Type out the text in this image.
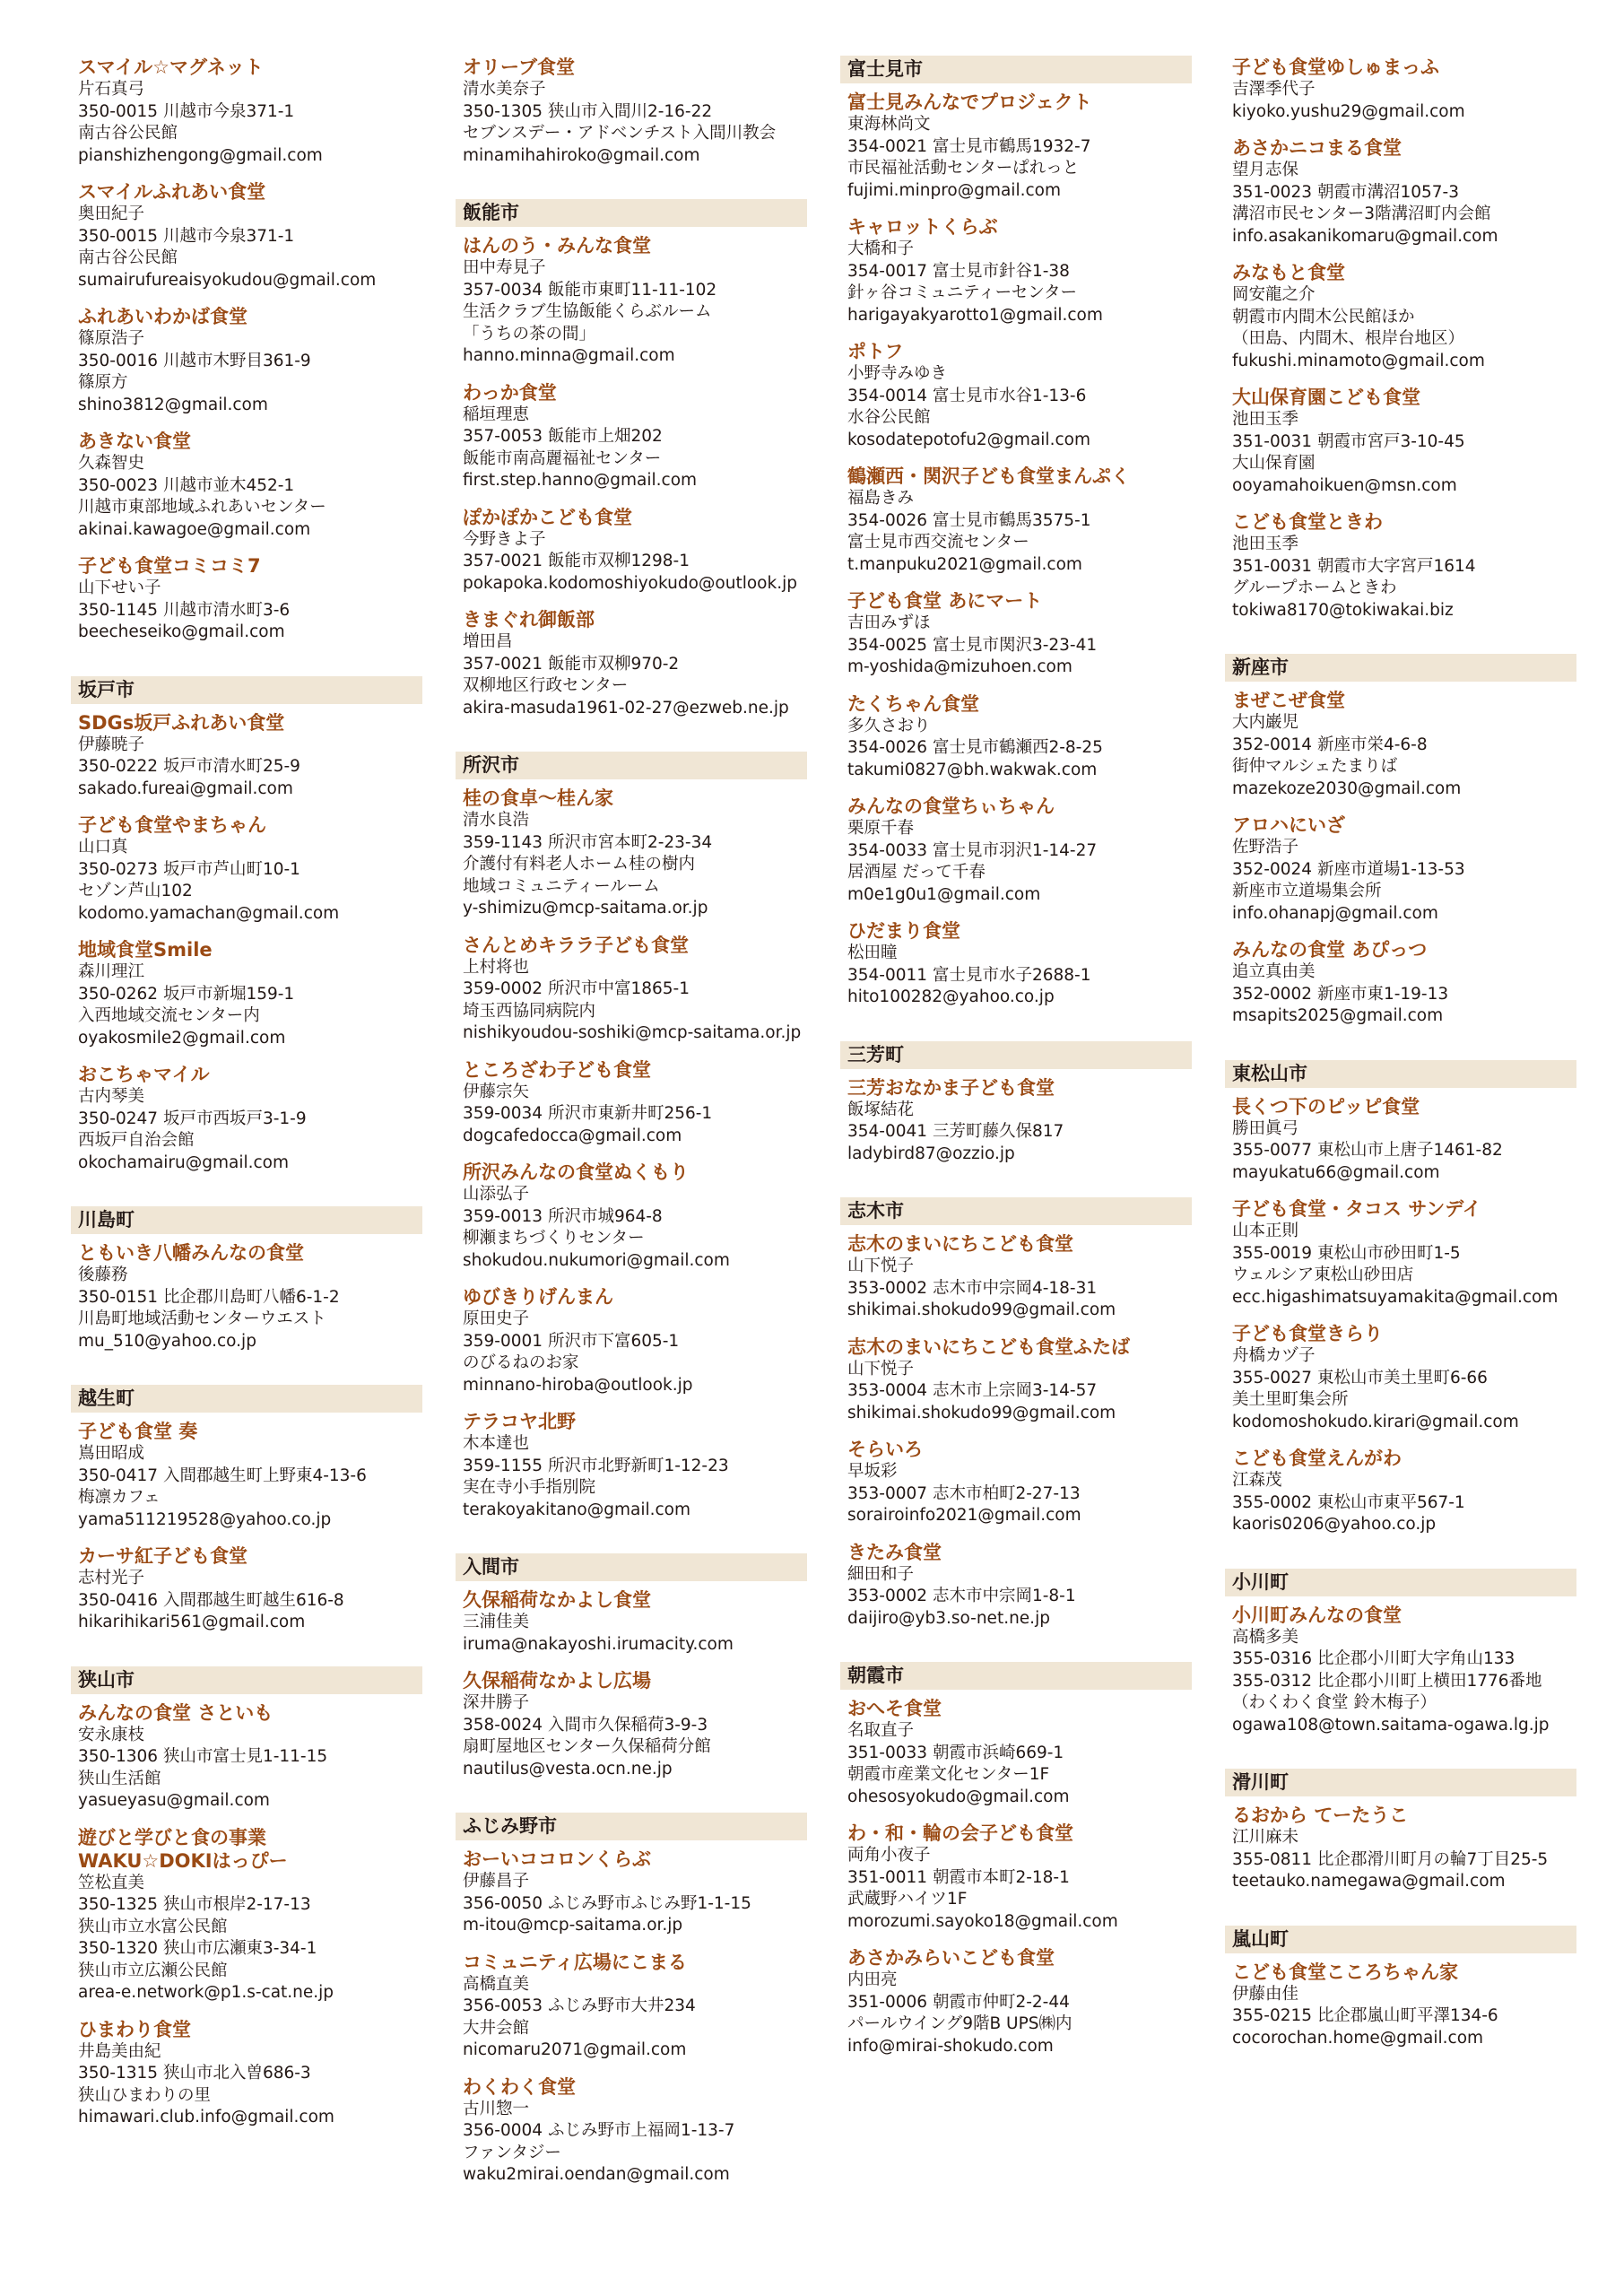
スマイル☆マグネット
片石真弓
350-0015 川越市今泉371-1
南古谷公民館
pianshizhengong@gmail.com
スマイルふれあい食堂
奥田紀子
350-0015 川越市今泉371-1
南古谷公民館
sumairufureaisyokudou@gmail.com
ふれあいわかば食堂
篠原浩子
350-0016 川越市木野目361-9
篠原方
shino3812@gmail.com
あきない食堂
久森智史
350-0023 川越市並木452-1
川越市東部地域ふれあいセンター
akinai.kawagoe@gmail.com
子ども食堂コミコミ7
山下せい子
350-1145 川越市清水町3-6
beecheseiko@gmail.com
坂戸市
SDGs坂戸ふれあい食堂
伊藤暁子
350-0222 坂戸市清水町25-9
sakado.fureai@gmail.com
子ども食堂やまちゃん
山口真
350-0273 坂戸市芦山町10-1
セゾン芦山102
kodomo.yamachan@gmail.com
地域食堂Smile
森川理江
350-0262 坂戸市新堀159-1
入西地域交流センター内
oyakosmile2@gmail.com
おこちゃマイル
古内琴美
350-0247 坂戸市西坂戸3-1-9
西坂戸自治会館
okochamairu@gmail.com
川島町
ともいき八幡みんなの食堂
後藤務
350-0151 比企郡川島町八幡6-1-2
川島町地域活動センターウエスト
mu_510@yahoo.co.jp
越生町
子ども食堂 奏
嶌田昭成
350-0417 入間郡越生町上野東4-13-6
梅凛カフェ
yama511219528@yahoo.co.jp
カーサ紅子ども食堂
志村光子
350-0416 入間郡越生町越生616-8
hikarihikari561@gmail.com
狭山市
みんなの食堂 さといも
安永康枝
350-1306 狭山市富士見1-11-15
狭山生活館
yasueyasu@gmail.com
遊びと学びと食の事業
WAKU☆DOKIはっぴー
笠松直美
350-1325 狭山市根岸2-17-13
狭山市立水富公民館
350-1320 狭山市広瀬東3-34-1
狭山市立広瀬公民館
area-e.network@p1.s-cat.ne.jp
ひまわり食堂
井島美由紀
350-1315 狭山市北入曽686-3
狭山ひまわりの里
himawari.club.info@gmail.com
オリーブ食堂
清水美奈子
350-1305 狭山市入間川2-16-22
セブンスデー・アドベンチスト入間川教会
minamihahiroko@gmail.com
飯能市
はんのう・みんな食堂
田中寿見子
357-0034 飯能市東町11-11-102
生活クラブ生協飯能くらぶルーム
「うちの茶の間」
hanno.minna@gmail.com
わっか食堂
稲垣理恵
357-0053 飯能市上畑202
飯能市南高麗福祉センター
first.step.hanno@gmail.com
ぽかぽかこども食堂
今野きよ子
357-0021 飯能市双柳1298-1
pokapoka.kodomoshiyokudo@outlook.jp
きまぐれ御飯部
増田昌
357-0021 飯能市双柳970-2
双柳地区行政センター
akira-masuda1961-02-27@ezweb.ne.jp
所沢市
桂の食卓～桂ん家
清水良浩
359-1143 所沢市宮本町2-23-34
介護付有料老人ホーム桂の樹内
地域コミュニティールーム
y-shimizu@mcp-saitama.or.jp
さんとめキララ子ども食堂
上村将也
359-0002 所沢市中富1865-1
埼玉西協同病院内
nishikyoudou-soshiki@mcp-saitama.or.jp
ところざわ子ども食堂
伊藤宗矢
359-0034 所沢市東新井町256-1
dogcafedocca@gmail.com
所沢みんなの食堂ぬくもり
山添弘子
359-0013 所沢市城964-8
柳瀬まちづくりセンター
shokudou.nukumori@gmail.com
ゆびきりげんまん
原田史子
359-0001 所沢市下富605-1
のびるねのお家
minnano-hiroba@outlook.jp
テラコヤ北野
木本達也
359-1155 所沢市北野新町1-12-23
実在寺小手指別院
terakoyakitano@gmail.com
入間市
久保稲荷なかよし食堂
三浦佳美
iruma@nakayoshi.irumacity.com
久保稲荷なかよし広場
深井勝子
358-0024 入間市久保稲荷3-9-3
扇町屋地区センター久保稲荷分館
nautilus@vesta.ocn.ne.jp
ふじみ野市
おーいココロンくらぶ
伊藤昌子
356-0050 ふじみ野市ふじみ野1-1-15
m-itou@mcp-saitama.or.jp
コミュニティ広場にこまる
高橋直美
356-0053 ふじみ野市大井234
大井会館
nicomaru2071@gmail.com
わくわく食堂
古川惣一
356-0004 ふじみ野市上福岡1-13-7
ファンタジー
waku2mirai.oendan@gmail.com
富士見市
富士見みんなでプロジェクト
東海林尚文
354-0021 富士見市鶴馬1932-7
市民福祉活動センターぱれっと
fujimi.minpro@gmail.com
キャロットくらぶ
大橋和子
354-0017 富士見市針谷1-38
針ヶ谷コミュニティーセンター
harigayakyarotto1@gmail.com
ポトフ
小野寺みゆき
354-0014 富士見市水谷1-13-6
水谷公民館
kosodatepotofu2@gmail.com
鶴瀬西・関沢子ども食堂まんぷく
福島きみ
354-0026 富士見市鶴馬3575-1
富士見市西交流センター
t.manpuku2021@gmail.com
子ども食堂 あにマート
吉田みずほ
354-0025 富士見市関沢3-23-41
m-yoshida@mizuhoen.com
たくちゃん食堂
多久さおり
354-0026 富士見市鶴瀬西2-8-25
takumi0827@bh.wakwak.com
みんなの食堂ちぃちゃん
栗原千春
354-0033 富士見市羽沢1-14-27
居酒屋 だって千春
m0e1g0u1@gmail.com
ひだまり食堂
松田瞳
354-0011 富士見市水子2688-1
hito100282@yahoo.co.jp
三芳町
三芳おなかま子ども食堂
飯塚結花
354-0041 三芳町藤久保817
ladybird87@ozzio.jp
志木市
志木のまいにちこども食堂
山下悦子
353-0002 志木市中宗岡4-18-31
shikimai.shokudo99@gmail.com
志木のまいにちこども食堂ふたば
山下悦子
353-0004 志木市上宗岡3-14-57
shikimai.shokudo99@gmail.com
そらいろ
早坂彩
353-0007 志木市柏町2-27-13
sorairoinfo2021@gmail.com
きたみ食堂
細田和子
353-0002 志木市中宗岡1-8-1
daijiro@yb3.so-net.ne.jp
朝霞市
おへそ食堂
名取直子
351-0033 朝霞市浜崎669-1
朝霞市産業文化センター1F
ohesosyokudo@gmail.com
わ・和・輪の会子ども食堂
両角小夜子
351-0011 朝霞市本町2-18-1
武蔵野ハイツ1F
morozumi.sayoko18@gmail.com
あさかみらいこども食堂
内田亮
351-0006 朝霞市仲町2-2-44
パールウイング9階B UPS㈱内
info@mirai-shokudo.com
子ども食堂ゆしゅまっふ
吉澤季代子
kiyoko.yushu29@gmail.com
あさかニコまる食堂
望月志保
351-0023 朝霞市溝沼1057-3
溝沼市民センター3階溝沼町内会館
info.asakanikomaru@gmail.com
みなもと食堂
岡安龍之介
朝霞市内間木公民館ほか
（田島、内間木、根岸台地区）
fukushi.minamoto@gmail.com
大山保育園こども食堂
池田玉季
351-0031 朝霞市宮戸3-10-45
大山保育園
ooyamahoikuen@msn.com
こども食堂ときわ
池田玉季
351-0031 朝霞市大字宮戸1614
グループホームときわ
tokiwa8170@tokiwakai.biz
新座市
まぜこぜ食堂
大内巌児
352-0014 新座市栄4-6-8
街仲マルシェたまりば
mazekoze2030@gmail.com
アロハにいざ
佐野浩子
352-0024 新座市道場1-13-53
新座市立道場集会所
info.ohanapj@gmail.com
みんなの食堂 あぴっつ
追立真由美
352-0002 新座市東1-19-13
msapits2025@gmail.com
東松山市
長くつ下のピッピ食堂
勝田眞弓
355-0077 東松山市上唐子1461-82
mayukatu66@gmail.com
子ども食堂・タコス サンデイ
山本正則
355-0019 東松山市砂田町1-5
ウェルシア東松山砂田店
ecc.higashimatsuyamakita@gmail.com
子ども食堂きらり
舟橋カヅ子
355-0027 東松山市美土里町6-66
美土里町集会所
kodomoshokudo.kirari@gmail.com
こども食堂えんがわ
江森茂
355-0002 東松山市東平567-1
kaoris0206@yahoo.co.jp
小川町
小川町みんなの食堂
高橋多美
355-0316 比企郡小川町大字角山133
355-0312 比企郡小川町上横田1776番地
（わくわく食堂 鈴木梅子）
ogawa108@town.saitama-ogawa.lg.jp
滑川町
るおから てーたうこ
江川麻未
355-0811 比企郡滑川町月の輪7丁目25-5
teetauko.namegawa@gmail.com
嵐山町
こども食堂こころちゃん家
伊藤由佳
355-0215 比企郡嵐山町平澤134-6
cocorochan.home@gmail.com
